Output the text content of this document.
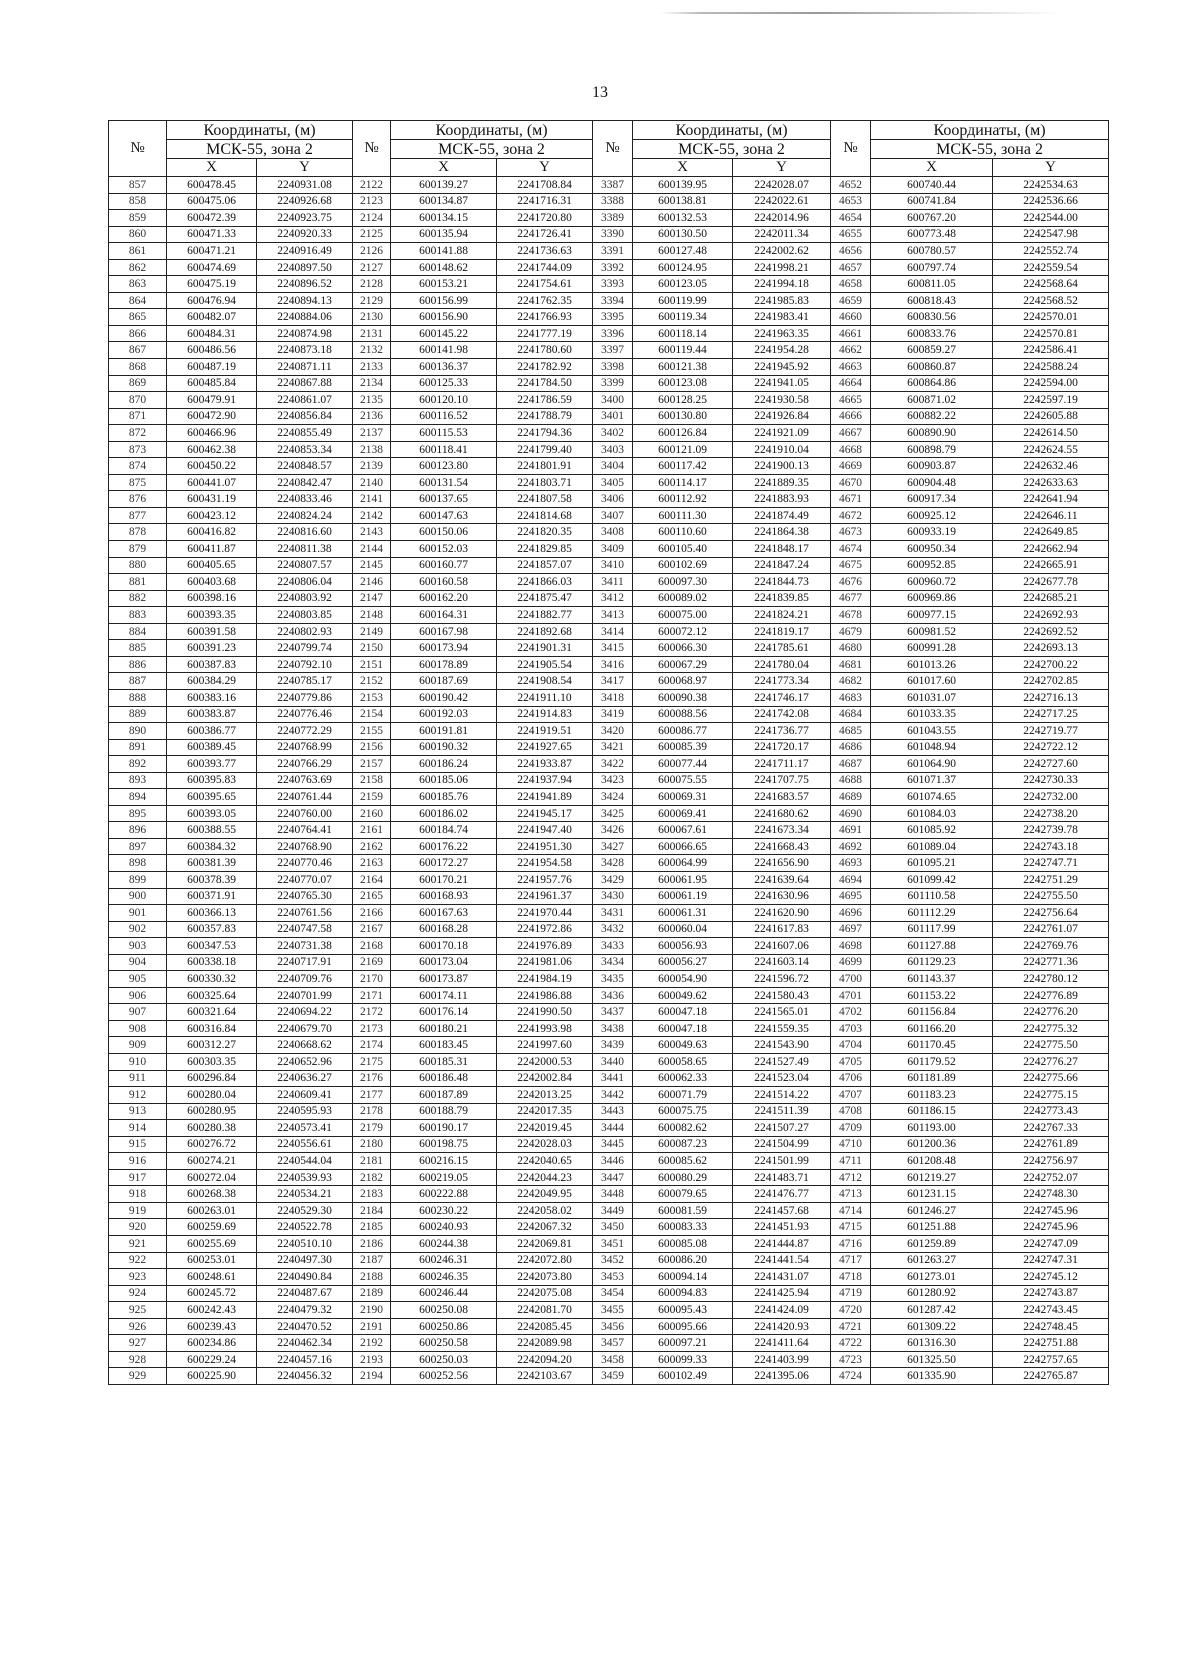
13
№	Координаты, (м)		№	Координаты, (м)		№	Координаты, (м)		№	Координаты, (м)	
	МСК-55, зона 2			МСК-55, зона 2			МСК-55, зона 2			МСК-55, зона 2	
	X	Y		X	Y		X	Y		X	Y
857	600478.45	2240931.08	2122	600139.27	2241708.84	3387	600139.95	2242028.07	4652	600740.44	2242534.63
858	600475.06	2240926.68	2123	600134.87	2241716.31	3388	600138.81	2242022.61	4653	600741.84	2242536.66
859	600472.39	2240923.75	2124	600134.15	2241720.80	3389	600132.53	2242014.96	4654	600767.20	2242544.00
860	600471.33	2240920.33	2125	600135.94	2241726.41	3390	600130.50	2242011.34	4655	600773.48	2242547.98
861	600471.21	2240916.49	2126	600141.88	2241736.63	3391	600127.48	2242002.62	4656	600780.57	2242552.74
862	600474.69	2240897.50	2127	600148.62	2241744.09	3392	600124.95	2241998.21	4657	600797.74	2242559.54
863	600475.19	2240896.52	2128	600153.21	2241754.61	3393	600123.05	2241994.18	4658	600811.05	2242568.64
864	600476.94	2240894.13	2129	600156.99	2241762.35	3394	600119.99	2241985.83	4659	600818.43	2242568.52
865	600482.07	2240884.06	2130	600156.90	2241766.93	3395	600119.34	2241983.41	4660	600830.56	2242570.01
866	600484.31	2240874.98	2131	600145.22	2241777.19	3396	600118.14	2241963.35	4661	600833.76	2242570.81
867	600486.56	2240873.18	2132	600141.98	2241780.60	3397	600119.44	2241954.28	4662	600859.27	2242586.41
868	600487.19	2240871.11	2133	600136.37	2241782.92	3398	600121.38	2241945.92	4663	600860.87	2242588.24
869	600485.84	2240867.88	2134	600125.33	2241784.50	3399	600123.08	2241941.05	4664	600864.86	2242594.00
870	600479.91	2240861.07	2135	600120.10	2241786.59	3400	600128.25	2241930.58	4665	600871.02	2242597.19
871	600472.90	2240856.84	2136	600116.52	2241788.79	3401	600130.80	2241926.84	4666	600882.22	2242605.88
872	600466.96	2240855.49	2137	600115.53	2241794.36	3402	600126.84	2241921.09	4667	600890.90	2242614.50
873	600462.38	2240853.34	2138	600118.41	2241799.40	3403	600121.09	2241910.04	4668	600898.79	2242624.55
874	600450.22	2240848.57	2139	600123.80	2241801.91	3404	600117.42	2241900.13	4669	600903.87	2242632.46
875	600441.07	2240842.47	2140	600131.54	2241803.71	3405	600114.17	2241889.35	4670	600904.48	2242633.63
876	600431.19	2240833.46	2141	600137.65	2241807.58	3406	600112.92	2241883.93	4671	600917.34	2242641.94
877	600423.12	2240824.24	2142	600147.63	2241814.68	3407	600111.30	2241874.49	4672	600925.12	2242646.11
878	600416.82	2240816.60	2143	600150.06	2241820.35	3408	600110.60	2241864.38	4673	600933.19	2242649.85
879	600411.87	2240811.38	2144	600152.03	2241829.85	3409	600105.40	2241848.17	4674	600950.34	2242662.94
880	600405.65	2240807.57	2145	600160.77	2241857.07	3410	600102.69	2241847.24	4675	600952.85	2242665.91
881	600403.68	2240806.04	2146	600160.58	2241866.03	3411	600097.30	2241844.73	4676	600960.72	2242677.78
882	600398.16	2240803.92	2147	600162.20	2241875.47	3412	600089.02	2241839.85	4677	600969.86	2242685.21
883	600393.35	2240803.85	2148	600164.31	2241882.77	3413	600075.00	2241824.21	4678	600977.15	2242692.93
884	600391.58	2240802.93	2149	600167.98	2241892.68	3414	600072.12	2241819.17	4679	600981.52	2242692.52
885	600391.23	2240799.74	2150	600173.94	2241901.31	3415	600066.30	2241785.61	4680	600991.28	2242693.13
886	600387.83	2240792.10	2151	600178.89	2241905.54	3416	600067.29	2241780.04	4681	601013.26	2242700.22
887	600384.29	2240785.17	2152	600187.69	2241908.54	3417	600068.97	2241773.34	4682	601017.60	2242702.85
888	600383.16	2240779.86	2153	600190.42	2241911.10	3418	600090.38	2241746.17	4683	601031.07	2242716.13
889	600383.87	2240776.46	2154	600192.03	2241914.83	3419	600088.56	2241742.08	4684	601033.35	2242717.25
890	600386.77	2240772.29	2155	600191.81	2241919.51	3420	600086.77	2241736.77	4685	601043.55	2242719.77
891	600389.45	2240768.99	2156	600190.32	2241927.65	3421	600085.39	2241720.17	4686	601048.94	2242722.12
892	600393.77	2240766.29	2157	600186.24	2241933.87	3422	600077.44	2241711.17	4687	601064.90	2242727.60
893	600395.83	2240763.69	2158	600185.06	2241937.94	3423	600075.55	2241707.75	4688	601071.37	2242730.33
894	600395.65	2240761.44	2159	600185.76	2241941.89	3424	600069.31	2241683.57	4689	601074.65	2242732.00
895	600393.05	2240760.00	2160	600186.02	2241945.17	3425	600069.41	2241680.62	4690	601084.03	2242738.20
896	600388.55	2240764.41	2161	600184.74	2241947.40	3426	600067.61	2241673.34	4691	601085.92	2242739.78
897	600384.32	2240768.90	2162	600176.22	2241951.30	3427	600066.65	2241668.43	4692	601089.04	2242743.18
898	600381.39	2240770.46	2163	600172.27	2241954.58	3428	600064.99	2241656.90	4693	601095.21	2242747.71
899	600378.39	2240770.07	2164	600170.21	2241957.76	3429	600061.95	2241639.64	4694	601099.42	2242751.29
900	600371.91	2240765.30	2165	600168.93	2241961.37	3430	600061.19	2241630.96	4695	601110.58	2242755.50
901	600366.13	2240761.56	2166	600167.63	2241970.44	3431	600061.31	2241620.90	4696	601112.29	2242756.64
902	600357.83	2240747.58	2167	600168.28	2241972.86	3432	600060.04	2241617.83	4697	601117.99	2242761.07
903	600347.53	2240731.38	2168	600170.18	2241976.89	3433	600056.93	2241607.06	4698	601127.88	2242769.76
904	600338.18	2240717.91	2169	600173.04	2241981.06	3434	600056.27	2241603.14	4699	601129.23	2242771.36
905	600330.32	2240709.76	2170	600173.87	2241984.19	3435	600054.90	2241596.72	4700	601143.37	2242780.12
906	600325.64	2240701.99	2171	600174.11	2241986.88	3436	600049.62	2241580.43	4701	601153.22	2242776.89
907	600321.64	2240694.22	2172	600176.14	2241990.50	3437	600047.18	2241565.01	4702	601156.84	2242776.20
908	600316.84	2240679.70	2173	600180.21	2241993.98	3438	600047.18	2241559.35	4703	601166.20	2242775.32
909	600312.27	2240668.62	2174	600183.45	2241997.60	3439	600049.63	2241543.90	4704	601170.45	2242775.50
910	600303.35	2240652.96	2175	600185.31	2242000.53	3440	600058.65	2241527.49	4705	601179.52	2242776.27
911	600296.84	2240636.27	2176	600186.48	2242002.84	3441	600062.33	2241523.04	4706	601181.89	2242775.66
912	600280.04	2240609.41	2177	600187.89	2242013.25	3442	600071.79	2241514.22	4707	601183.23	2242775.15
913	600280.95	2240595.93	2178	600188.79	2242017.35	3443	600075.75	2241511.39	4708	601186.15	2242773.43
914	600280.38	2240573.41	2179	600190.17	2242019.45	3444	600082.62	2241507.27	4709	601193.00	2242767.33
915	600276.72	2240556.61	2180	600198.75	2242028.03	3445	600087.23	2241504.99	4710	601200.36	2242761.89
916	600274.21	2240544.04	2181	600216.15	2242040.65	3446	600085.62	2241501.99	4711	601208.48	2242756.97
917	600272.04	2240539.93	2182	600219.05	2242044.23	3447	600080.29	2241483.71	4712	601219.27	2242752.07
918	600268.38	2240534.21	2183	600222.88	2242049.95	3448	600079.65	2241476.77	4713	601231.15	2242748.30
919	600263.01	2240529.30	2184	600230.22	2242058.02	3449	600081.59	2241457.68	4714	601246.27	2242745.96
920	600259.69	2240522.78	2185	600240.93	2242067.32	3450	600083.33	2241451.93	4715	601251.88	2242745.96
921	600255.69	2240510.10	2186	600244.38	2242069.81	3451	600085.08	2241444.87	4716	601259.89	2242747.09
922	600253.01	2240497.30	2187	600246.31	2242072.80	3452	600086.20	2241441.54	4717	601263.27	2242747.31
923	600248.61	2240490.84	2188	600246.35	2242073.80	3453	600094.14	2241431.07	4718	601273.01	2242745.12
924	600245.72	2240487.67	2189	600246.44	2242075.08	3454	600094.83	2241425.94	4719	601280.92	2242743.87
925	600242.43	2240479.32	2190	600250.08	2242081.70	3455	600095.43	2241424.09	4720	601287.42	2242743.45
926	600239.43	2240470.52	2191	600250.86	2242085.45	3456	600095.66	2241420.93	4721	601309.22	2242748.45
927	600234.86	2240462.34	2192	600250.58	2242089.98	3457	600097.21	2241411.64	4722	601316.30	2242751.88
928	600229.24	2240457.16	2193	600250.03	2242094.20	3458	600099.33	2241403.99	4723	601325.50	2242757.65
929	600225.90	2240456.32	2194	600252.56	2242103.67	3459	600102.49	2241395.06	4724	601335.90	2242765.87
